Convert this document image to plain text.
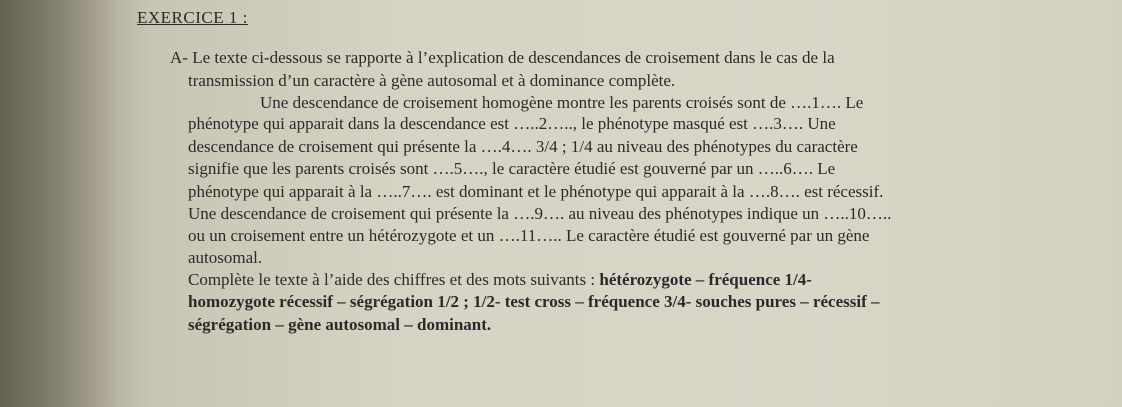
EXERCICE 1 :
A- Le texte ci-dessous se rapporte à l’explication de descendances de croisement dans le cas de la
transmission d’un caractère à gène autosomal et à dominance complète.
Une descendance de croisement homogène montre les parents croisés sont de ….1…. Le
phénotype qui apparait dans la descendance est …..2….., le phénotype masqué est ….3…. Une
descendance de croisement qui présente la ….4…. 3/4 ; 1/4 au niveau des phénotypes du caractère
signifie que les parents croisés sont ….5…., le caractère étudié est gouverné par un …..6…. Le
phénotype qui apparait à la …..7…. est dominant et le phénotype qui apparait à la ….8…. est récessif.
Une descendance de croisement qui présente la ….9…. au niveau des phénotypes indique un …..10…..
ou un croisement entre un hétérozygote et un ….11….. Le caractère étudié est gouverné par un gène
autosomal.
Complète le texte à l’aide des chiffres et des mots suivants : hétérozygote – fréquence 1/4-
homozygote récessif – ségrégation 1/2 ; 1/2- test cross – fréquence 3/4- souches pures – récessif –
ségrégation – gène autosomal – dominant.
